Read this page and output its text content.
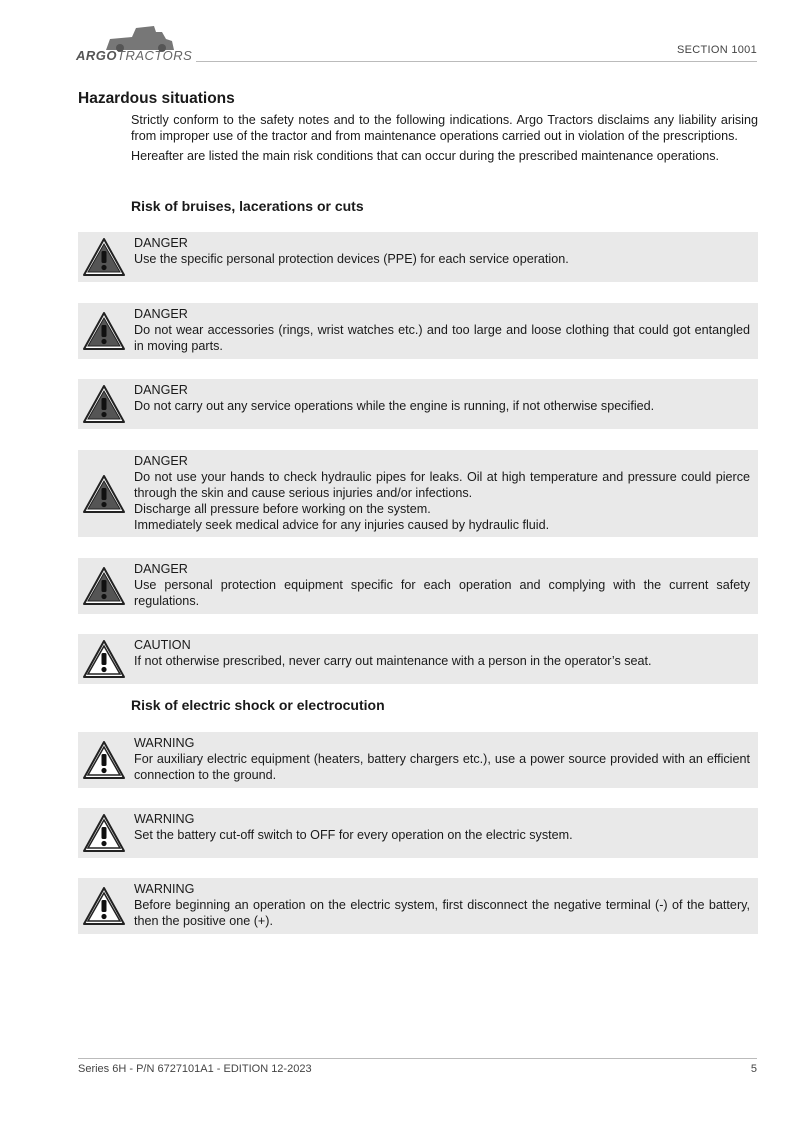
ARGOTRACTORS	SECTION 1001
Hazardous situations

Strictly conform to the safety notes and to the following indications. Argo Tractors disclaims any liability arising from improper use of the tractor and from maintenance operations carried out in violation of the prescriptions.

Hereafter are listed the main risk conditions that can occur during the prescribed maintenance operations.

Risk of bruises, lacerations or cuts
DANGER
Use the specific personal protection devices (PPE) for each service operation.
DANGER
Do not wear accessories (rings, wrist watches etc.) and too large and loose clothing that could got entangled in moving parts.
DANGER
Do not carry out any service operations while the engine is running, if not otherwise specified.
DANGER
Do not use your hands to check hydraulic pipes for leaks. Oil at high temperature and pressure could pierce through the skin and cause serious injuries and/or infections.
Discharge all pressure before working on the system.
Immediately seek medical advice for any injuries caused by hydraulic fluid.
DANGER
Use personal protection equipment specific for each operation and complying with the current safety regulations.
CAUTION
If not otherwise prescribed, never carry out maintenance with a person in the operator’s seat.
WARNING
For auxiliary electric equipment (heaters, battery chargers etc.), use a power source provided with an efficient connection to the ground.
WARNING
Set the battery cut-off switch to OFF for every operation on the electric system.
WARNING
Before beginning an operation on the electric system, first disconnect the negative terminal (-) of the battery, then the positive one (+).
Risk of electric shock or electrocution
Series 6H - P/N 6727101A1 - EDITION 12-2023	5
